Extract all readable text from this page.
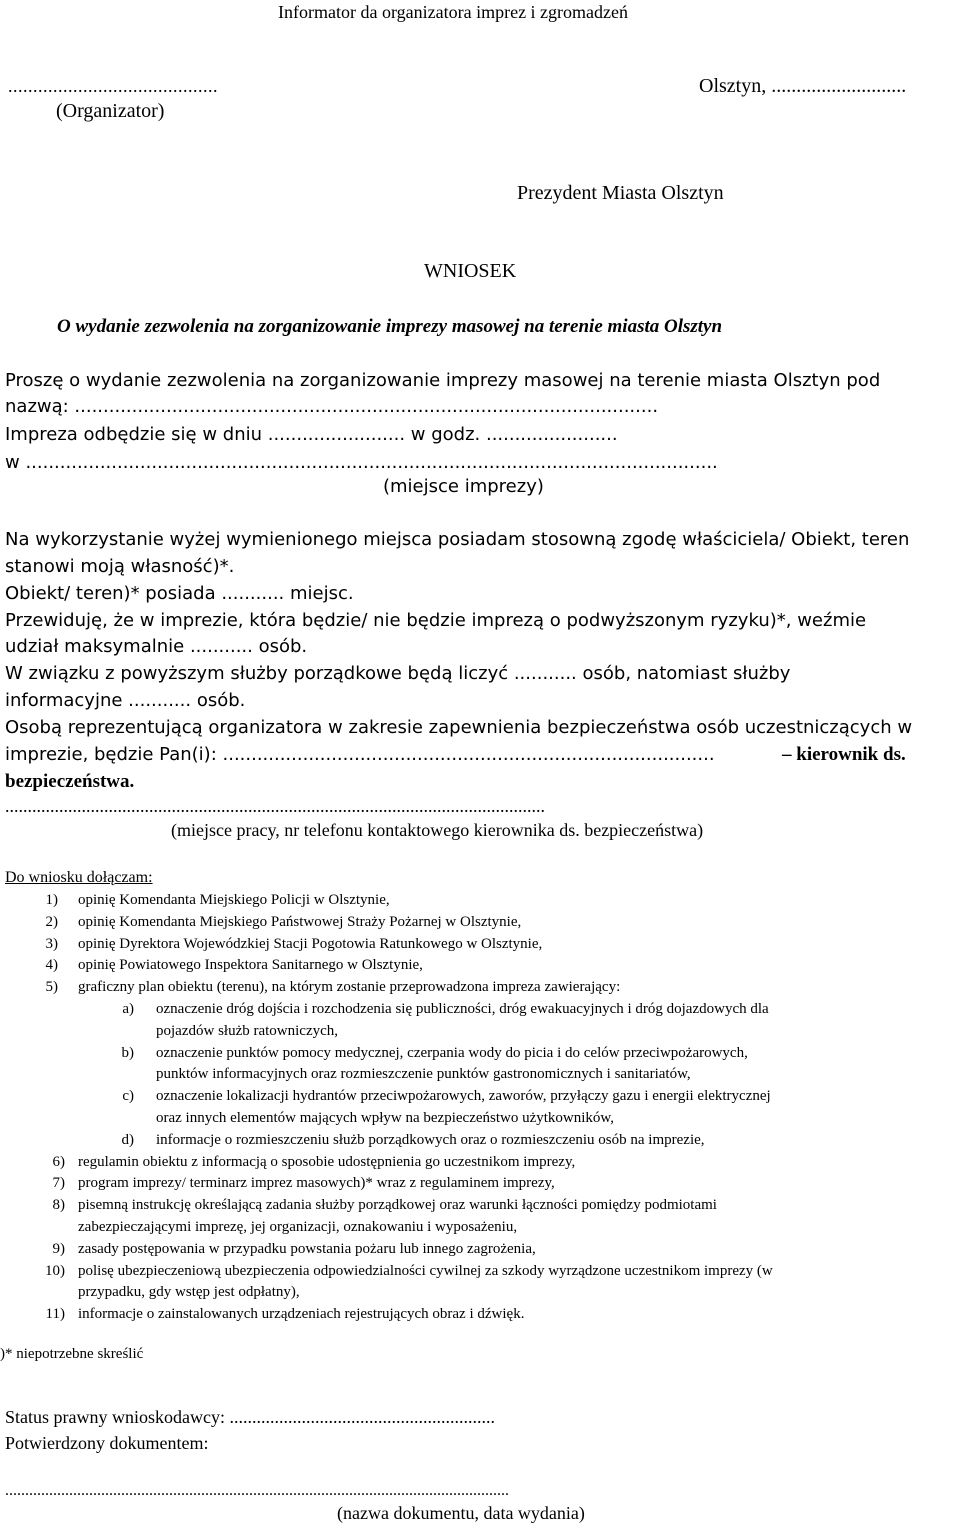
Informator da organizatora imprez i zgromadzeń
..........................................
(Organizator)
Olsztyn, ...........................
Prezydent Miasta Olsztyn
WNIOSEK
O wydanie zezwolenia na zorganizowanie imprezy masowej na terenie miasta Olsztyn
Proszę o wydanie zezwolenia na zorganizowanie imprezy masowej na terenie miasta Olsztyn pod
nazwą: ......................................................................................................
Impreza odbędzie się w dniu ........................ w godz. .......................
w .........................................................................................................................
(miejsce imprezy)
Na wykorzystanie wyżej wymienionego miejsca posiadam stosowną zgodę właściciela/ Obiekt, teren
stanowi moją własność)*.
Obiekt/ teren)* posiada ........... miejsc.
Przewiduję, że w imprezie, która będzie/ nie będzie imprezą o podwyższonym ryzyku)*, weźmie
udział maksymalnie ........... osób.
W związku z powyższym służby porządkowe będą liczyć ........... osób, natomiast służby
informacyjne ........... osób.
Osobą reprezentującą organizatora w zakresie zapewnienia bezpieczeństwa osób uczestniczących w
imprezie, będzie Pan(i): ......................................................................................	– kierownik ds.
bezpieczeństwa.
........................................................................................................................
(miejsce pracy, nr telefonu kontaktowego kierownika ds. bezpieczeństwa)
Do wniosku dołączam:
1) opinię Komendanta Miejskiego Policji w Olsztynie,
2) opinię Komendanta Miejskiego Państwowej Straży Pożarnej w Olsztynie,
3) opinię Dyrektora Wojewódzkiej Stacji Pogotowia Ratunkowego w Olsztynie,
4) opinię Powiatowego Inspektora Sanitarnego w Olsztynie,
5) graficzny plan obiektu (terenu), na którym zostanie przeprowadzona impreza zawierający:
a) oznaczenie dróg dojścia i rozchodzenia się publiczności, dróg ewakuacyjnych i dróg dojazdowych dla
pojazdów służb ratowniczych,
b) oznaczenie punktów pomocy medycznej, czerpania wody do picia i do celów przeciwpożarowych,
punktów informacyjnych oraz rozmieszczenie punktów gastronomicznych i sanitariatów,
c) oznaczenie lokalizacji hydrantów przeciwpożarowych, zaworów, przyłączy gazu i energii elektrycznej
oraz innych elementów mających wpływ na bezpieczeństwo użytkowników,
d) informacje o rozmieszczeniu służb porządkowych oraz o rozmieszczeniu osób na imprezie,
6) regulamin obiektu z informacją o sposobie udostępnienia go uczestnikom imprezy,
7) program imprezy/ terminarz imprez masowych)* wraz z regulaminem imprezy,
8) pisemną instrukcję określającą zadania służby porządkowej oraz warunki łączności pomiędzy podmiotami
zabezpieczającymi imprezę, jej organizacji, oznakowaniu i wyposażeniu,
9) zasady postępowania w przypadku powstania pożaru lub innego zagrożenia,
10) polisę ubezpieczeniową ubezpieczenia odpowiedzialności cywilnej za szkody wyrządzone uczestnikom imprezy (w
przypadku, gdy wstęp jest odpłatny),
11) informacje o zainstalowanych urządzeniach rejestrujących obraz i dźwięk.
)* niepotrzebne skreślić
Status prawny wnioskodawcy: ...........................................................
Potwierdzony dokumentem:
..............................................................................................................................
(nazwa dokumentu, data wydania)
